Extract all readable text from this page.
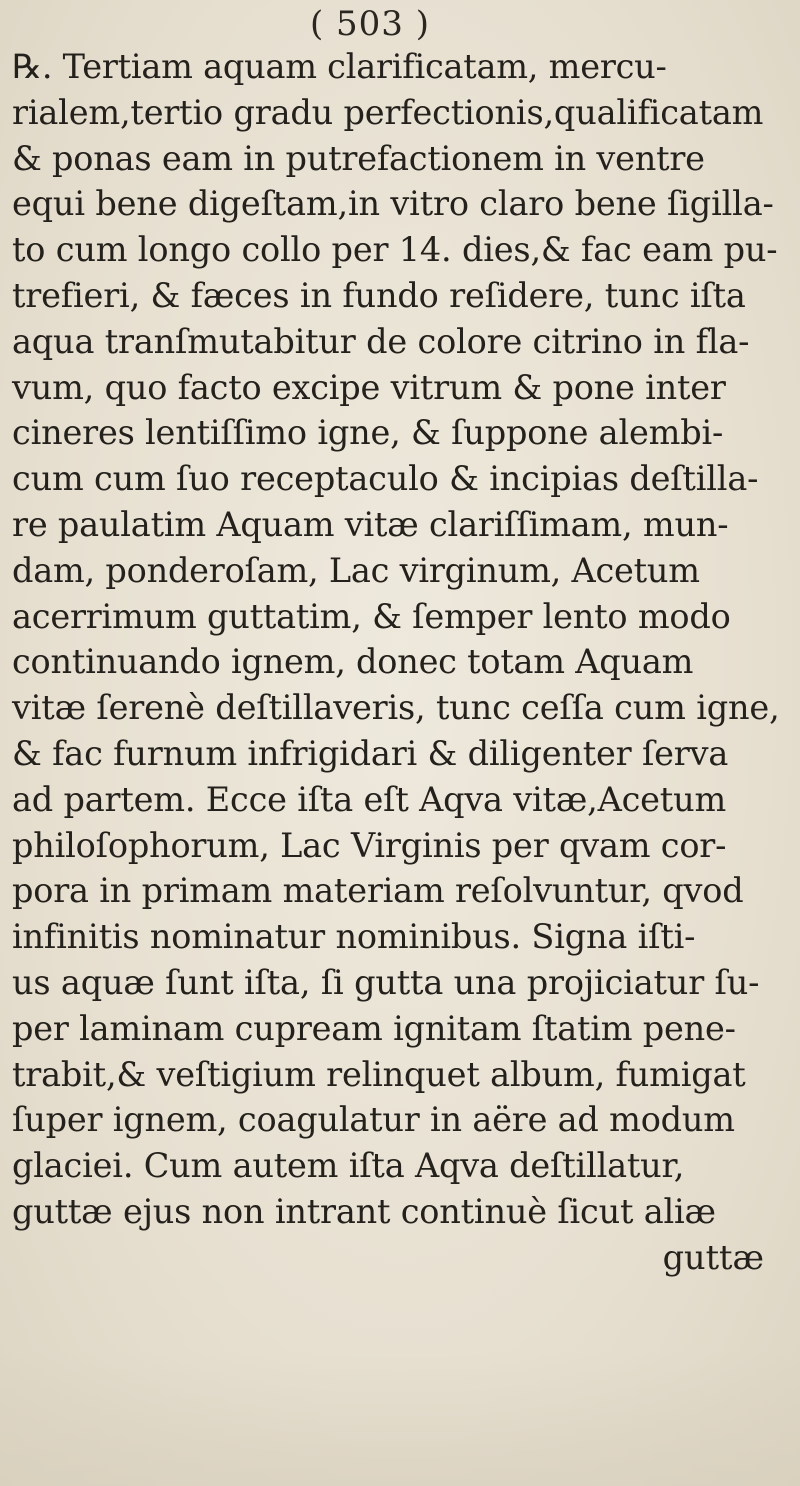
( 503 )
℞. Tertiam aquam clarificatam, mercu-
rialem,tertio gradu perfectionis,qualificatam
& ponas eam in putrefactionem in ventre
equi bene digeſtam,in vitro claro bene ſigilla-
to cum longo collo per 14. dies,& fac eam pu-
trefieri, & fæces in fundo reſidere, tunc iſta
aqua tranſmutabitur de colore citrino in fla-
vum, quo facto excipe vitrum & pone inter
cineres lentiſſimo igne, & ſuppone alembi-
cum cum ſuo receptaculo & incipias deſtilla-
re paulatim Aquam vitæ clariſſimam, mun-
dam, ponderoſam, Lac virginum, Acetum
acerrimum guttatim, & ſemper lento modo
continuando ignem, donec totam Aquam
vitæ ſerenè deſtillaveris, tunc ceſſa cum igne,
& fac furnum infrigidari & diligenter ſerva
ad partem. Ecce iſta eſt Aqva vitæ,Acetum
philoſophorum, Lac Virginis per qvam cor-
pora in primam materiam reſolvuntur, qvod
infinitis nominatur nominibus. Signa iſti-
us aquæ ſunt iſta, ſi gutta una projiciatur ſu-
per laminam cupream ignitam ſtatim pene-
trabit,& veſtigium relinquet album, fumigat
ſuper ignem, coagulatur in aëre ad modum
glaciei. Cum autem iſta Aqva deſtillatur,
guttæ ejus non intrant continuè ſicut aliæ
guttæ
